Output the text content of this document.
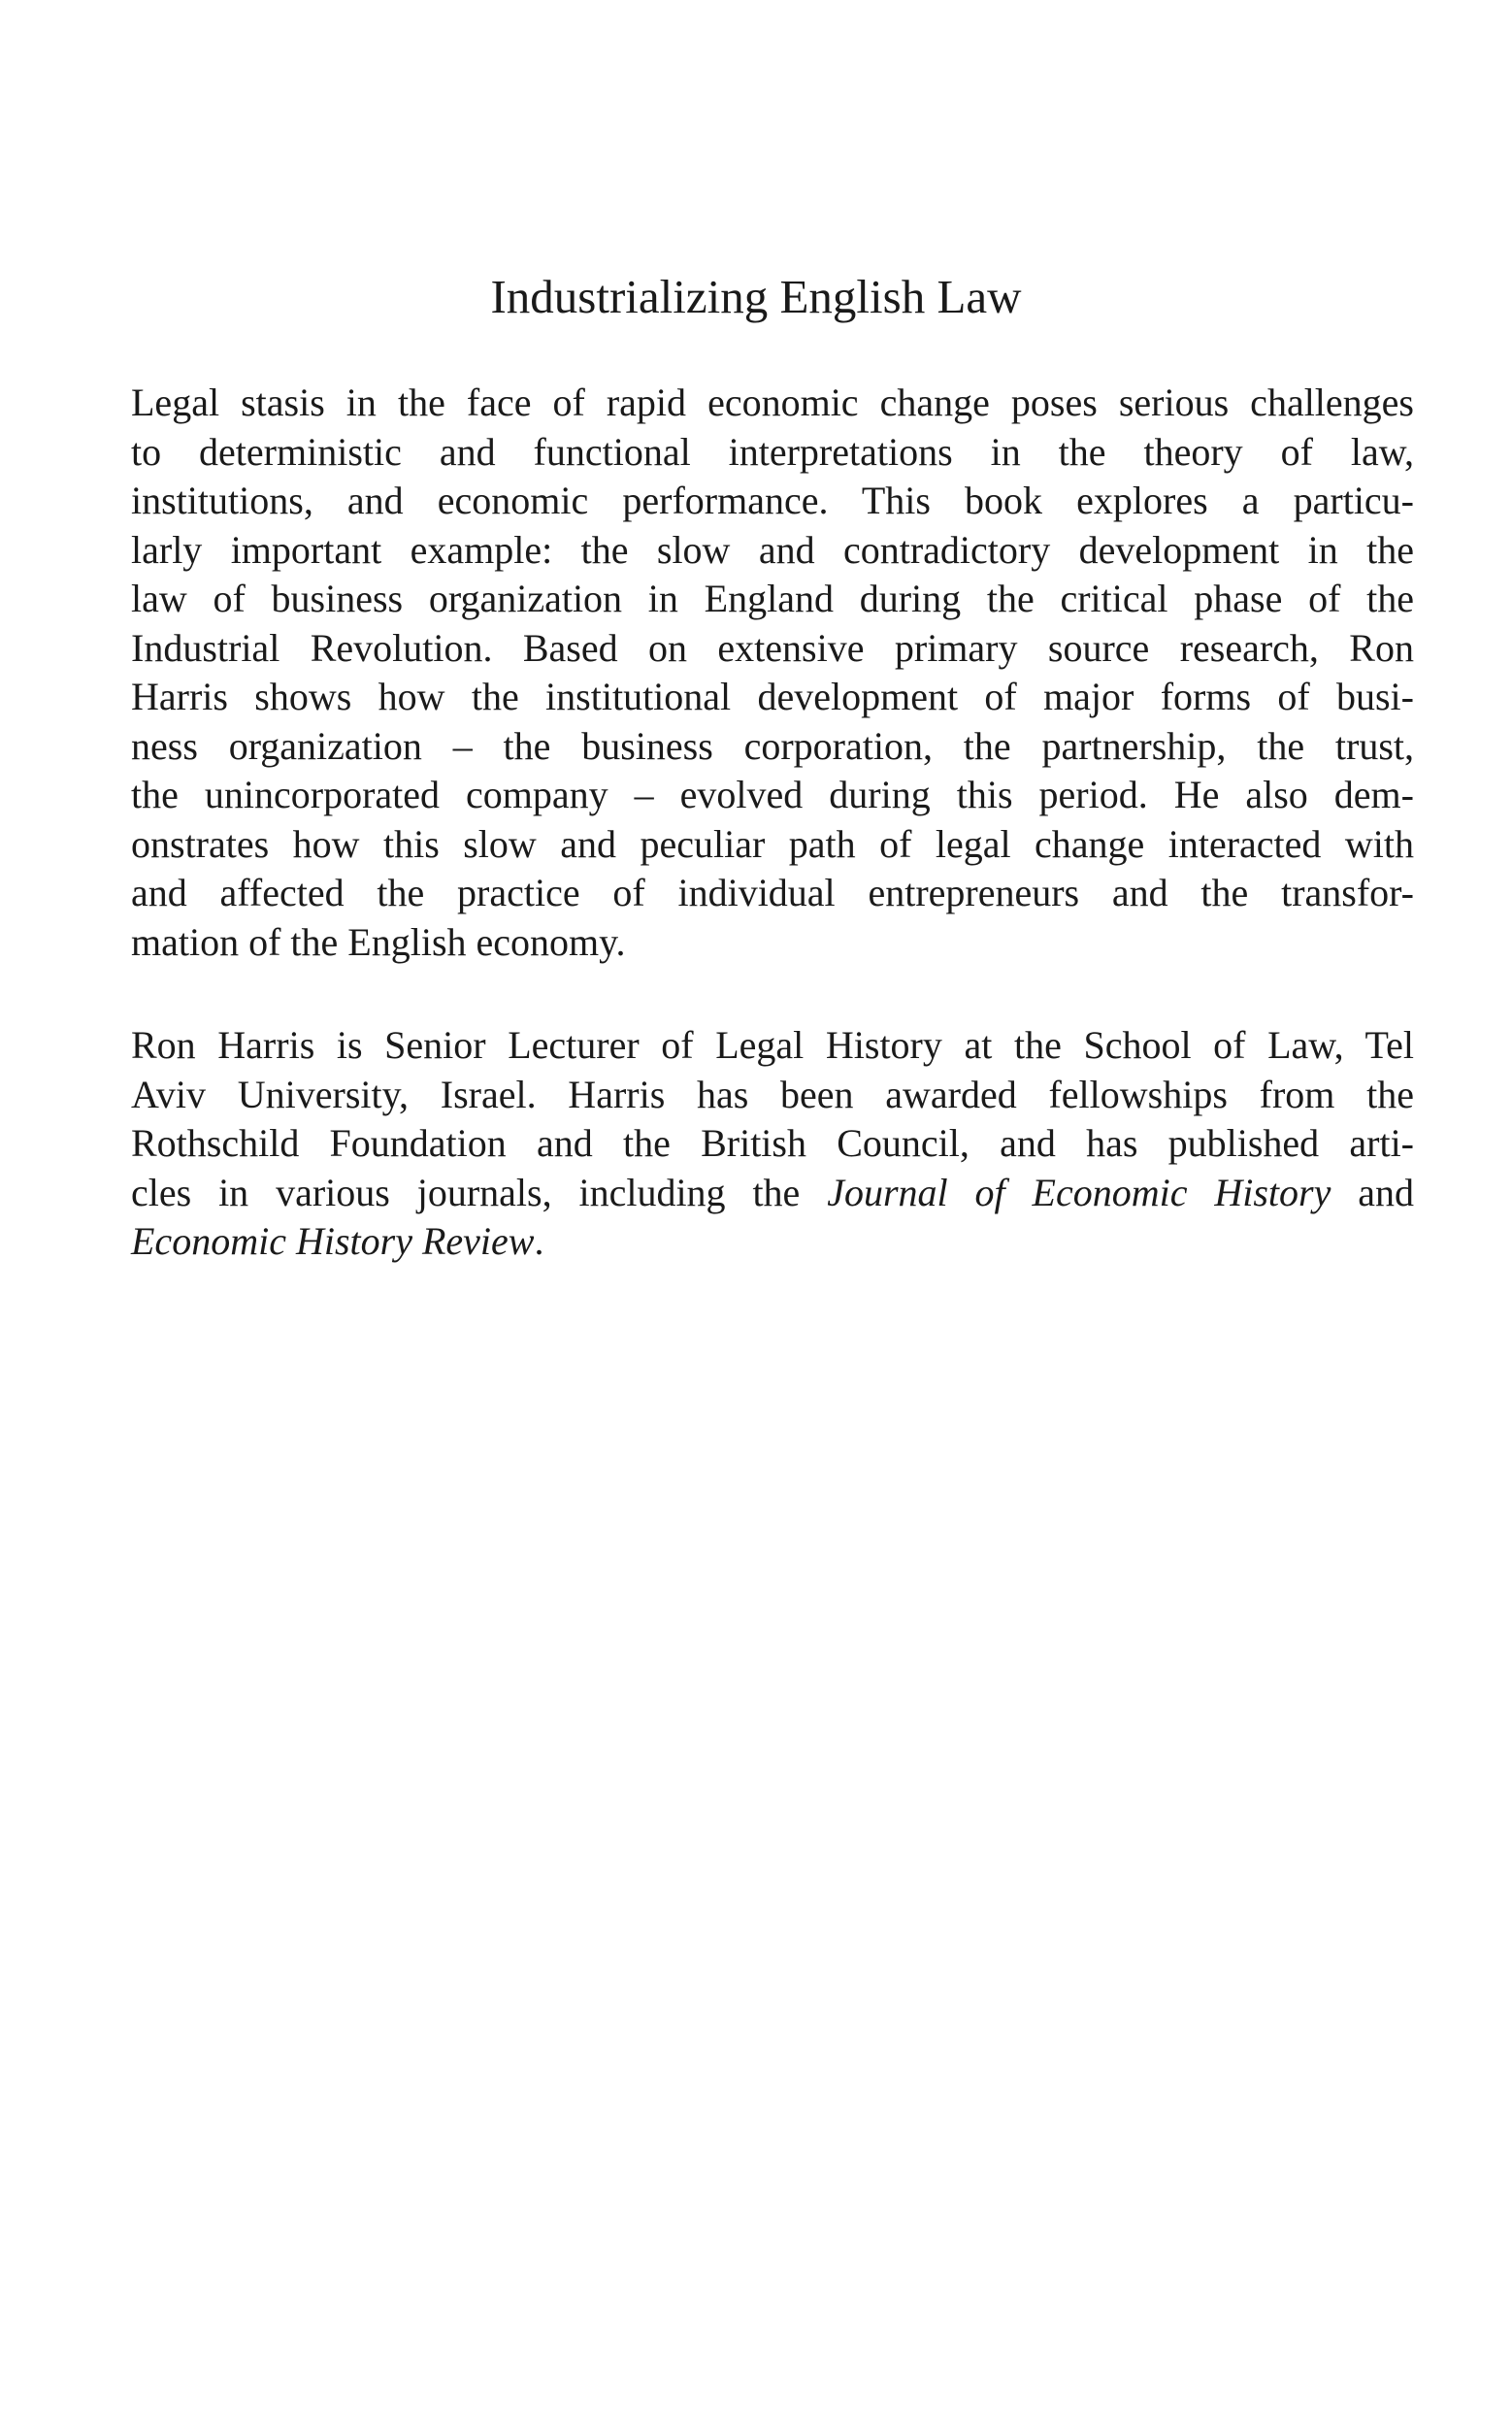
Industrializing English Law
Legal stasis in the face of rapid economic change poses serious challenges
to deterministic and functional interpretations in the theory of law,
institutions, and economic performance. This book explores a particu-
larly important example: the slow and contradictory development in the
law of business organization in England during the critical phase of the
Industrial Revolution. Based on extensive primary source research, Ron
Harris shows how the institutional development of major forms of busi-
ness organization – the business corporation, the partnership, the trust,
the unincorporated company – evolved during this period. He also dem-
onstrates how this slow and peculiar path of legal change interacted with
and affected the practice of individual entrepreneurs and the transfor-
mation of the English economy.
Ron Harris is Senior Lecturer of Legal History at the School of Law, Tel
Aviv University, Israel. Harris has been awarded fellowships from the
Rothschild Foundation and the British Council, and has published arti-
cles in various journals, including the Journal of Economic History and
Economic History Review.
